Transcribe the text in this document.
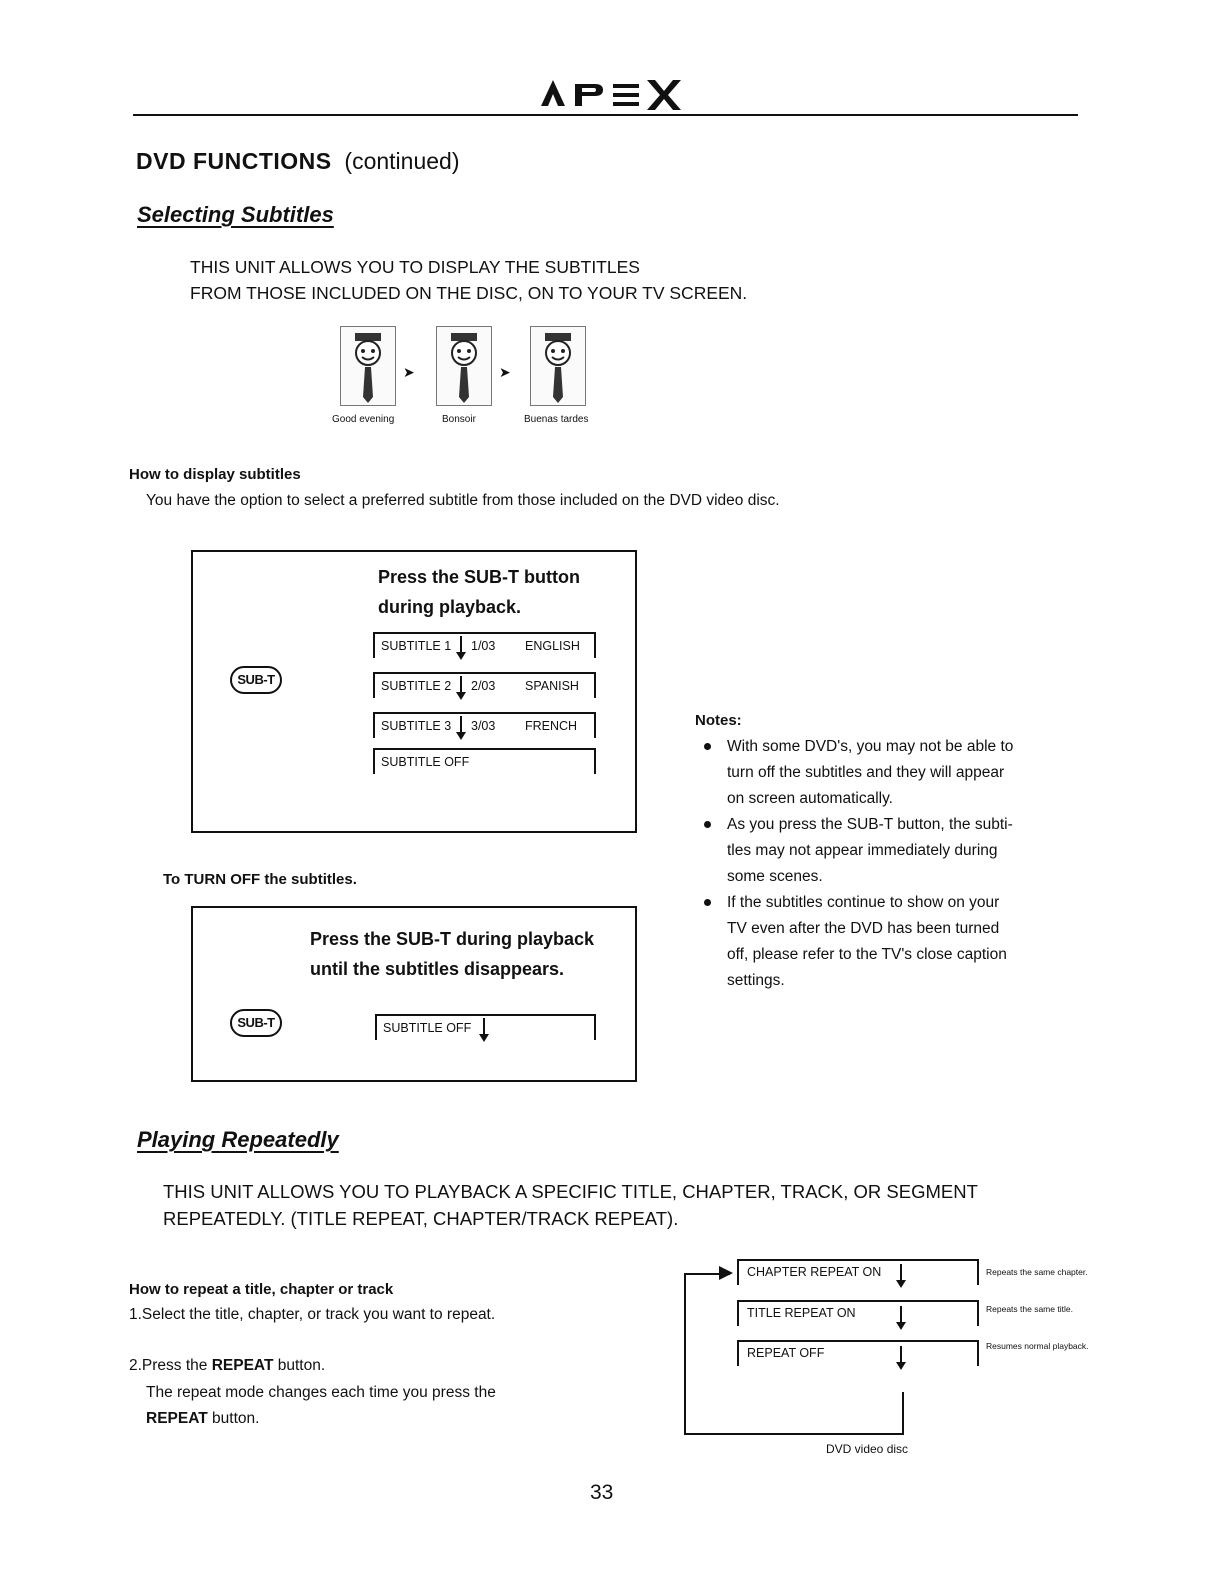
DVD FUNCTIONS (continued)
Selecting Subtitles
THIS UNIT ALLOWS YOU TO DISPLAY THE SUBTITLES
FROM THOSE INCLUDED ON THE DISC, ON TO YOUR TV SCREEN.
➤	➤
Good evening	Bonsoir	Buenas tardes
How to display subtitles
You have the option to select a preferred subtitle from those included on the DVD video disc.
SUB-T
Press the SUB-T button
during playback.
SUBTITLE 1 1/03 ENGLISH
SUBTITLE 2 2/03 SPANISH
SUBTITLE 3 3/03 FRENCH
SUBTITLE OFF
To TURN OFF the subtitles.
SUB-T
Press the SUB-T during playback
until the subtitles disappears.
SUBTITLE OFF
Notes:
With some DVD's, you may not be able to
turn off the subtitles and they will appear
on screen automatically.
As you press the SUB-T button, the subti-
tles may not appear immediately during
some scenes.
If the subtitles continue to show on your
TV even after the DVD has been turned
off, please refer to the TV's close caption
settings.
Playing Repeatedly
THIS UNIT ALLOWS YOU TO PLAYBACK A SPECIFIC TITLE, CHAPTER, TRACK, OR SEGMENT
REPEATEDLY. (TITLE REPEAT, CHAPTER/TRACK REPEAT).
How to repeat a title, chapter or track
1.Select the title, chapter, or track you want to repeat.
2.Press the REPEAT button.
The repeat mode changes each time you press the
REPEAT button.
CHAPTER REPEAT ON	Repeats the same chapter.
TITLE REPEAT ON	Repeats the same title.
REPEAT OFF	Resumes normal playback.
DVD video disc
33
